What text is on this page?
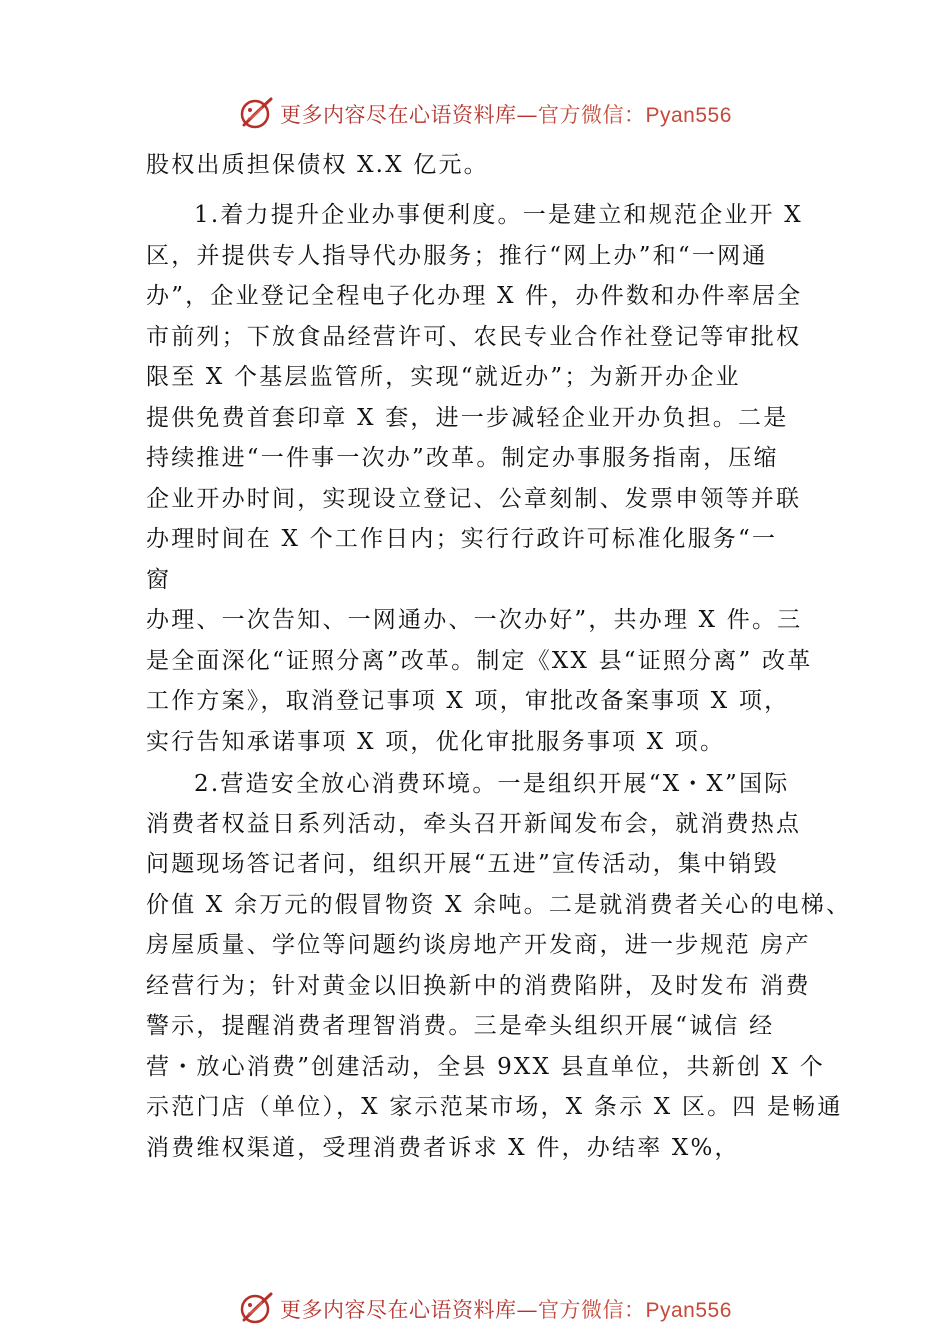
更多内容尽在心语资料库—官方微信：Pyan556
股权出质担保债权 X.X 亿元。
1.着力提升企业办事便利度。一是建立和规范企业开 X
区，并提供专人指导代办服务；推行“网上办”和“一网通
办”，企业登记全程电子化办理 X 件，办件数和办件率居全
市前列；下放食品经营许可、农民专业合作社登记等审批权
限至 X 个基层监管所，实现“就近办”；为新开办企业
提供免费首套印章 X 套，进一步减轻企业开办负担。二是
持续推进“一件事一次办”改革。制定办事服务指南，压缩
企业开办时间，实现设立登记、公章刻制、发票申领等并联
办理时间在 X 个工作日内；实行行政许可标准化服务“一
窗
办理、一次告知、一网通办、一次办好”，共办理 X 件。三
是全面深化“证照分离”改革。制定《XX 县“证照分离” 改革
工作方案》，取消登记事项 X 项，审批改备案事项 X 项，
实行告知承诺事项 X 项，优化审批服务事项 X 项。
2.营造安全放心消费环境。一是组织开展“X・X”国际
消费者权益日系列活动，牵头召开新闻发布会，就消费热点
问题现场答记者问，组织开展“五进”宣传活动，集中销毁
价值 X 余万元的假冒物资 X 余吨。二是就消费者关心的电梯、
房屋质量、学位等问题约谈房地产开发商，进一步规范 房产
经营行为；针对黄金以旧换新中的消费陷阱，及时发布 消费
警示，提醒消费者理智消费。三是牵头组织开展“诚信 经
营・放心消费”创建活动，全县 9XX 县直单位，共新创 X 个
示范门店（单位），X 家示范某市场，X 条示 X 区。四 是畅通
消费维权渠道，受理消费者诉求 X 件，办结率 X%，
更多内容尽在心语资料库—官方微信：Pyan556
